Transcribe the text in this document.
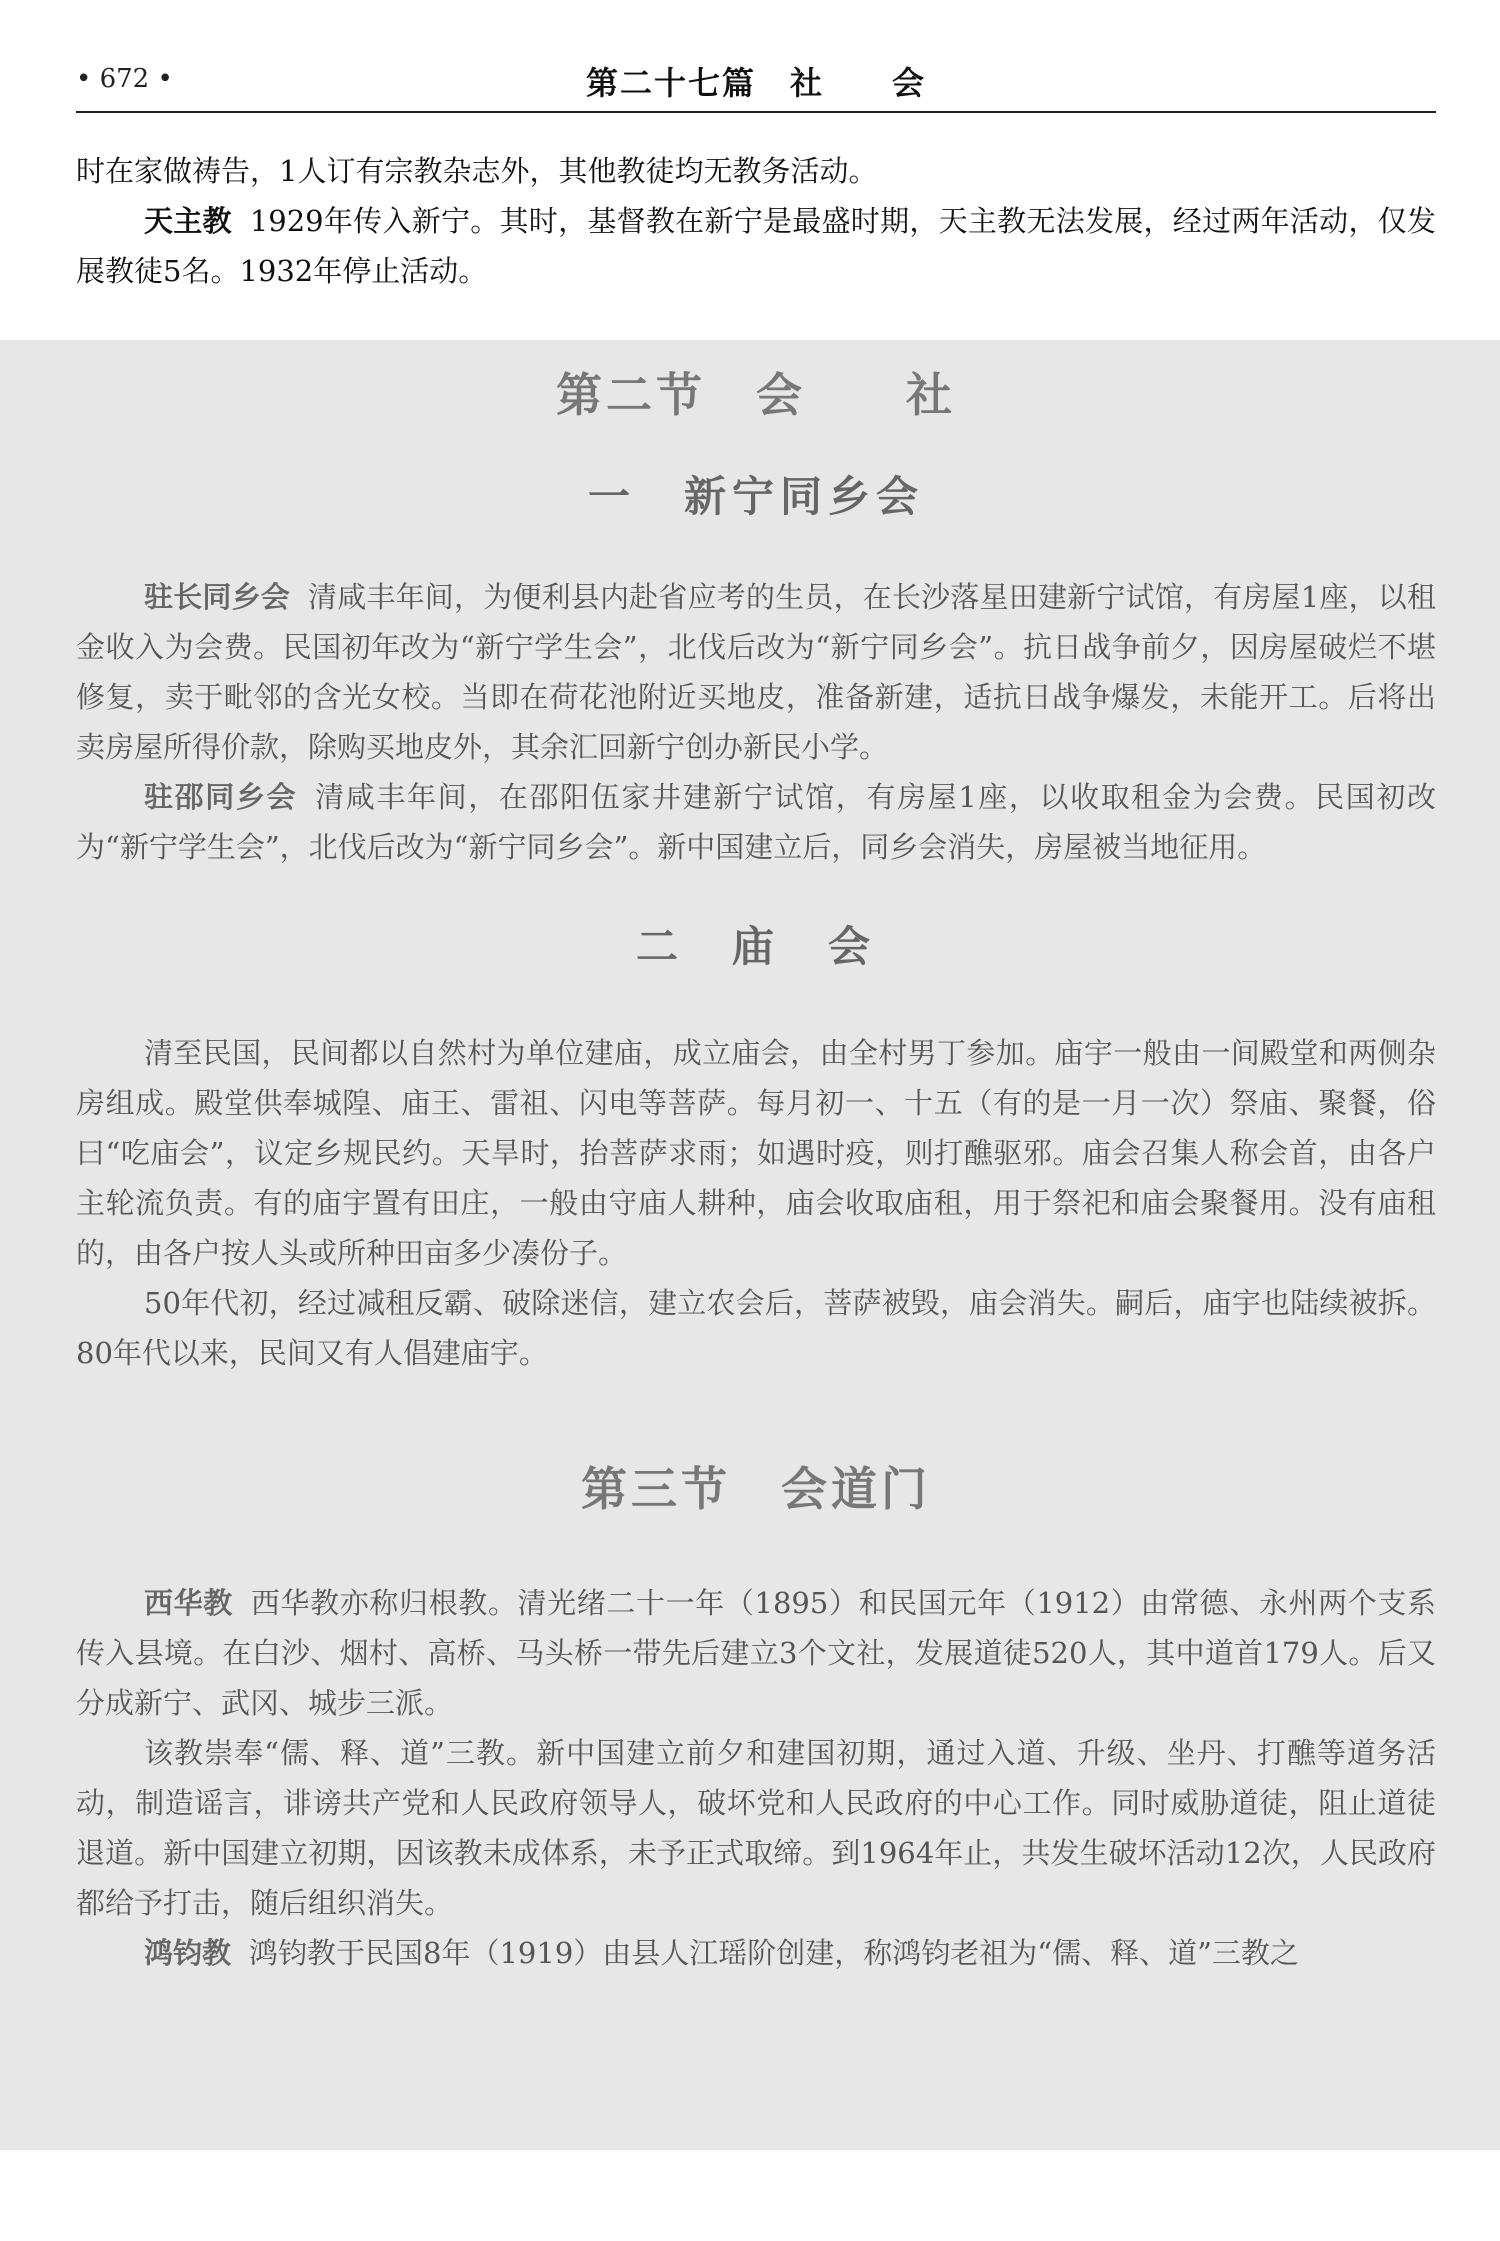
• 672 •	第二十七篇　社　　会

时在家做祷告，1人订有宗教杂志外，其他教徒均无教务活动。

天主教 1929年传入新宁。其时，基督教在新宁是最盛时期，天主教无法发展，经过两年活动，仅发展教徒5名。1932年停止活动。

第二节　会　　社
一　新宁同乡会

驻长同乡会 清咸丰年间，为便利县内赴省应考的生员，在长沙落星田建新宁试馆，有房屋1座，以租金收入为会费。民国初年改为“新宁学生会”，北伐后改为“新宁同乡会”。抗日战争前夕，因房屋破烂不堪修复，卖于毗邻的含光女校。当即在荷花池附近买地皮，准备新建，适抗日战争爆发，未能开工。后将出卖房屋所得价款，除购买地皮外，其余汇回新宁创办新民小学。

驻邵同乡会 清咸丰年间，在邵阳伍家井建新宁试馆，有房屋1座，以收取租金为会费。民国初改为“新宁学生会”，北伐后改为“新宁同乡会”。新中国建立后，同乡会消失，房屋被当地征用。

二　庙　会

清至民国，民间都以自然村为单位建庙，成立庙会，由全村男丁参加。庙宇一般由一间殿堂和两侧杂房组成。殿堂供奉城隍、庙王、雷祖、闪电等菩萨。每月初一、十五（有的是一月一次）祭庙、聚餐，俗曰“吃庙会”，议定乡规民约。天旱时，抬菩萨求雨；如遇时疫，则打醮驱邪。庙会召集人称会首，由各户主轮流负责。有的庙宇置有田庄，一般由守庙人耕种，庙会收取庙租，用于祭祀和庙会聚餐用。没有庙租的，由各户按人头或所种田亩多少凑份子。

50年代初，经过减租反霸、破除迷信，建立农会后，菩萨被毁，庙会消失。嗣后，庙宇也陆续被拆。80年代以来，民间又有人倡建庙宇。

第三节　会道门

西华教 西华教亦称归根教。清光绪二十一年（1895）和民国元年（1912）由常德、永州两个支系传入县境。在白沙、烟村、高桥、马头桥一带先后建立3个文社，发展道徒520人，其中道首179人。后又分成新宁、武冈、城步三派。

该教崇奉“儒、释、道”三教。新中国建立前夕和建国初期，通过入道、升级、坐丹、打醮等道务活动，制造谣言，诽谤共产党和人民政府领导人，破坏党和人民政府的中心工作。同时威胁道徒，阻止道徒退道。新中国建立初期，因该教未成体系，未予正式取缔。到1964年止，共发生破坏活动12次，人民政府都给予打击，随后组织消失。

鸿钧教 鸿钧教于民国8年（1919）由县人江瑶阶创建，称鸿钧老祖为“儒、释、道”三教之
